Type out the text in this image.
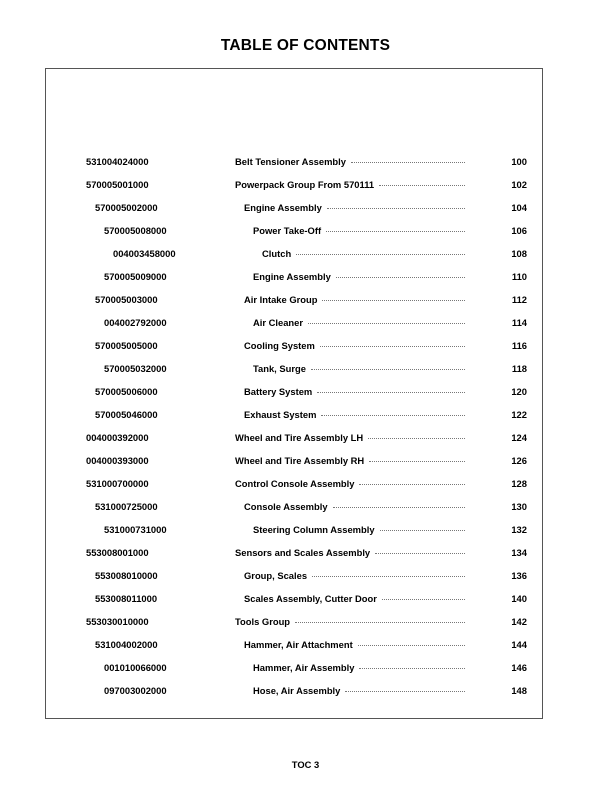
TABLE OF CONTENTS
531004024000	Belt Tensioner Assembly	100
570005001000	Powerpack Group From 570111	102
570005002000	Engine Assembly	104
570005008000	Power Take-Off	106
004003458000	Clutch	108
570005009000	Engine Assembly	110
570005003000	Air Intake Group	112
004002792000	Air Cleaner	114
570005005000	Cooling System	116
570005032000	Tank, Surge	118
570005006000	Battery System	120
570005046000	Exhaust System	122
004000392000	Wheel and Tire Assembly LH	124
004000393000	Wheel and Tire Assembly RH	126
531000700000	Control Console Assembly	128
531000725000	Console Assembly	130
531000731000	Steering Column Assembly	132
553008001000	Sensors and Scales Assembly	134
553008010000	Group, Scales	136
553008011000	Scales Assembly, Cutter Door	140
553030010000	Tools Group	142
531004002000	Hammer, Air Attachment	144
001010066000	Hammer, Air Assembly	146
097003002000	Hose, Air Assembly	148
TOC 3
